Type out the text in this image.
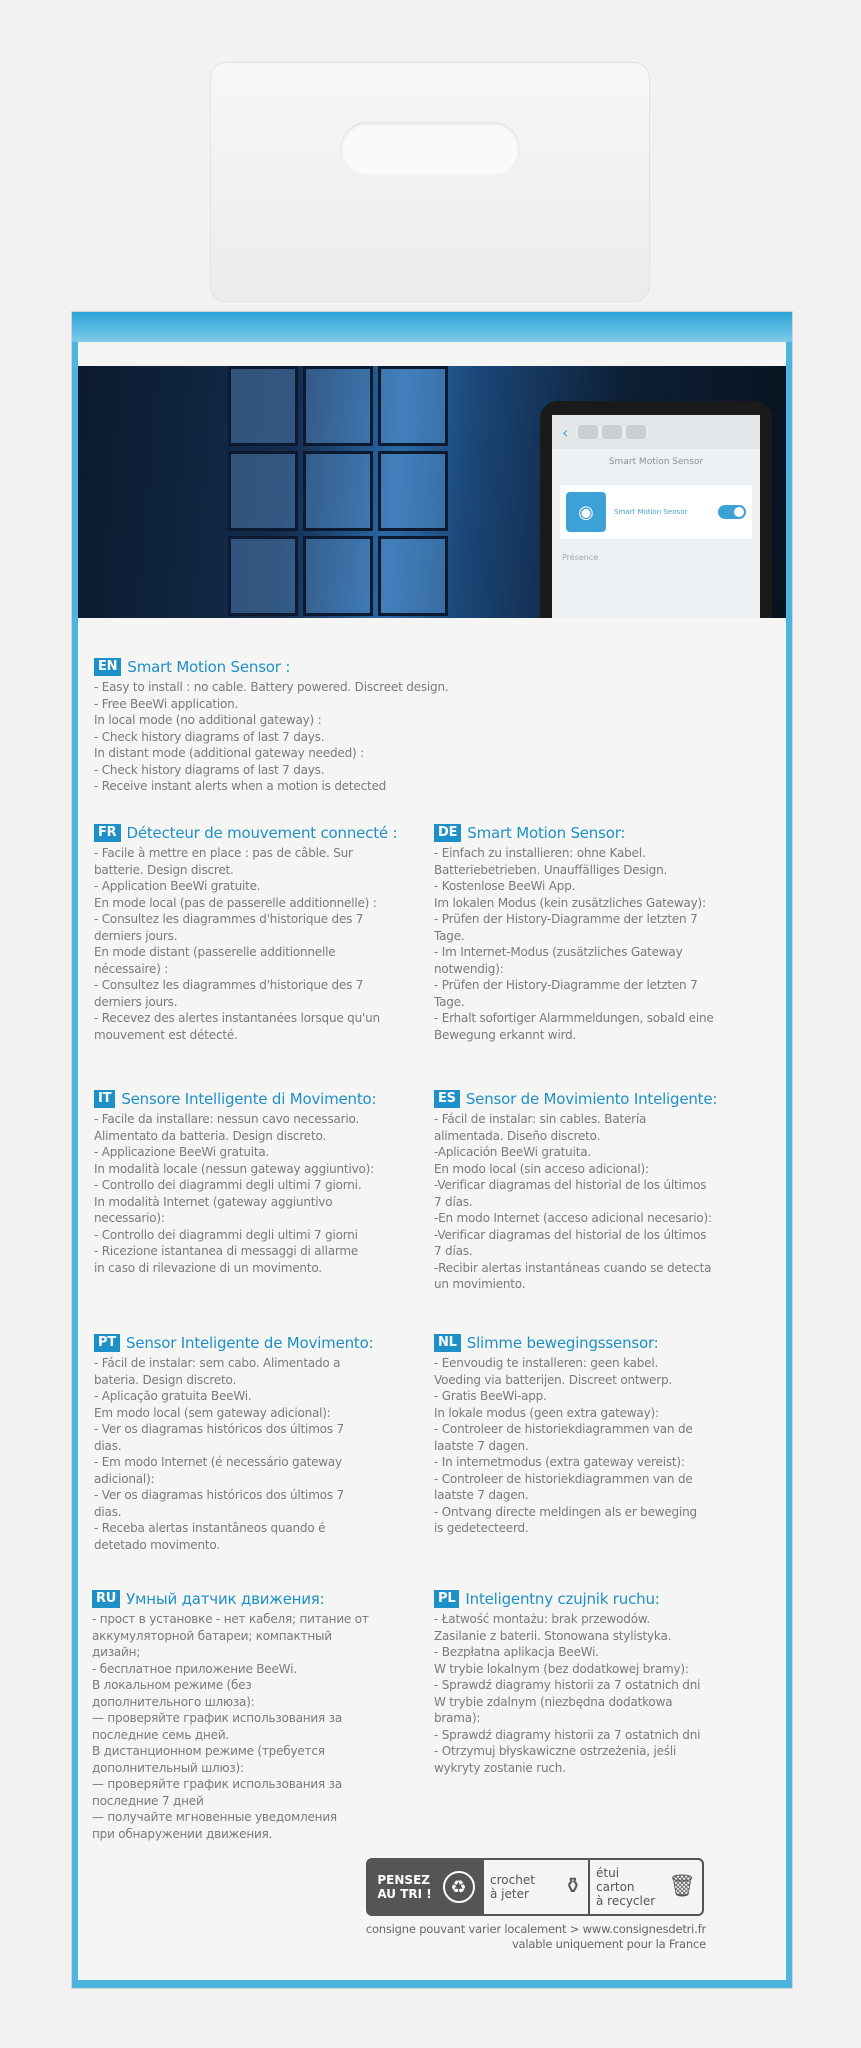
‹
Smart Motion Sensor
◉	Smart Motion Sensor
Présence
EN Smart Motion Sensor :
- Easy to install : no cable. Battery powered. Discreet design.
- Free BeeWi application.
In local mode (no additional gateway) :
- Check history diagrams of last 7 days.
In distant mode (additional gateway needed) :
- Check history diagrams of last 7 days.
- Receive instant alerts when a motion is detected
FR Détecteur de mouvement connecté :
- Facile à mettre en place : pas de câble. Sur
batterie. Design discret.
- Application BeeWi gratuite.
En mode local (pas de passerelle additionnelle) :
- Consultez les diagrammes d'historique des 7
derniers jours.
En mode distant (passerelle additionnelle
nécessaire) :
- Consultez les diagrammes d'historique des 7
derniers jours.
- Recevez des alertes instantanées lorsque qu'un
mouvement est détecté.
DE Smart Motion Sensor:
- Einfach zu installieren: ohne Kabel.
Batteriebetrieben. Unauffälliges Design.
- Kostenlose BeeWi App.
Im lokalen Modus (kein zusätzliches Gateway):
- Prüfen der History-Diagramme der letzten 7
Tage.
- Im Internet-Modus (zusätzliches Gateway
notwendig):
- Prüfen der History-Diagramme der letzten 7
Tage.
- Erhalt sofortiger Alarmmeldungen, sobald eine
Bewegung erkannt wird.
IT Sensore Intelligente di Movimento:
- Facile da installare: nessun cavo necessario.
Alimentato da batteria. Design discreto.
- Applicazione BeeWi gratuita.
In modalità locale (nessun gateway aggiuntivo):
- Controllo dei diagrammi degli ultimi 7 giorni.
In modalità Internet (gateway aggiuntivo
necessario):
- Controllo dei diagrammi degli ultimi 7 giorni
- Ricezione istantanea di messaggi di allarme
in caso di rilevazione di un movimento.
ES Sensor de Movimiento Inteligente:
- Fácil de instalar: sin cables. Batería
alimentada. Diseño discreto.
-Aplicación BeeWi gratuita.
En modo local (sin acceso adicional):
-Verificar diagramas del historial de los últimos
7 días.
-En modo Internet (acceso adicional necesario):
-Verificar diagramas del historial de los últimos
7 días.
-Recibir alertas instantáneas cuando se detecta
un movimiento.
PT Sensor Inteligente de Movimento:
- Fácil de instalar: sem cabo. Alimentado a
bateria. Design discreto.
- Aplicação gratuita BeeWi.
Em modo local (sem gateway adicional):
- Ver os diagramas históricos dos últimos 7
dias.
- Em modo Internet (é necessário gateway
adicional):
- Ver os diagramas históricos dos últimos 7
dias.
- Receba alertas instantâneos quando é
detetado movimento.
NL Slimme bewegingssensor:
- Eenvoudig te installeren: geen kabel.
Voeding via batterijen. Discreet ontwerp.
- Gratis BeeWi-app.
In lokale modus (geen extra gateway):
- Controleer de historiekdiagrammen van de
laatste 7 dagen.
- In internetmodus (extra gateway vereist):
- Controleer de historiekdiagrammen van de
laatste 7 dagen.
- Ontvang directe meldingen als er beweging
is gedetecteerd.
RU Умный датчик движения:
- прост в установке - нет кабеля; питание от
аккумуляторной батареи; компактный
дизайн;
- бесплатное приложение BeeWi.
В локальном режиме (без
дополнительного шлюза):
— проверяйте график использования за
последние семь дней.
В дистанционном режиме (требуется
дополнительный шлюз):
— проверяйте график использования за
последние 7 дней
— получайте мгновенные уведомления
при обнаружении движения.
PL Inteligentny czujnik ruchu:
- Łatwość montażu: brak przewodów.
Zasilanie z baterii. Stonowana stylistyka.
- Bezpłatna aplikacja BeeWi.
W trybie lokalnym (bez dodatkowej bramy):
- Sprawdź diagramy historii za 7 ostatnich dni
W trybie zdalnym (niezbędna dodatkowa
brama):
- Sprawdź diagramy historii za 7 ostatnich dni
- Otrzymuj błyskawiczne ostrzeżenia, jeśli
wykryty zostanie ruch.
PENSEZ
AU TRI !	♻	crochet
à jeter ⚱
étui
carton
à recycler
🗑
consigne pouvant varier localement > www.consignesdetri.fr
valable uniquement pour la France
